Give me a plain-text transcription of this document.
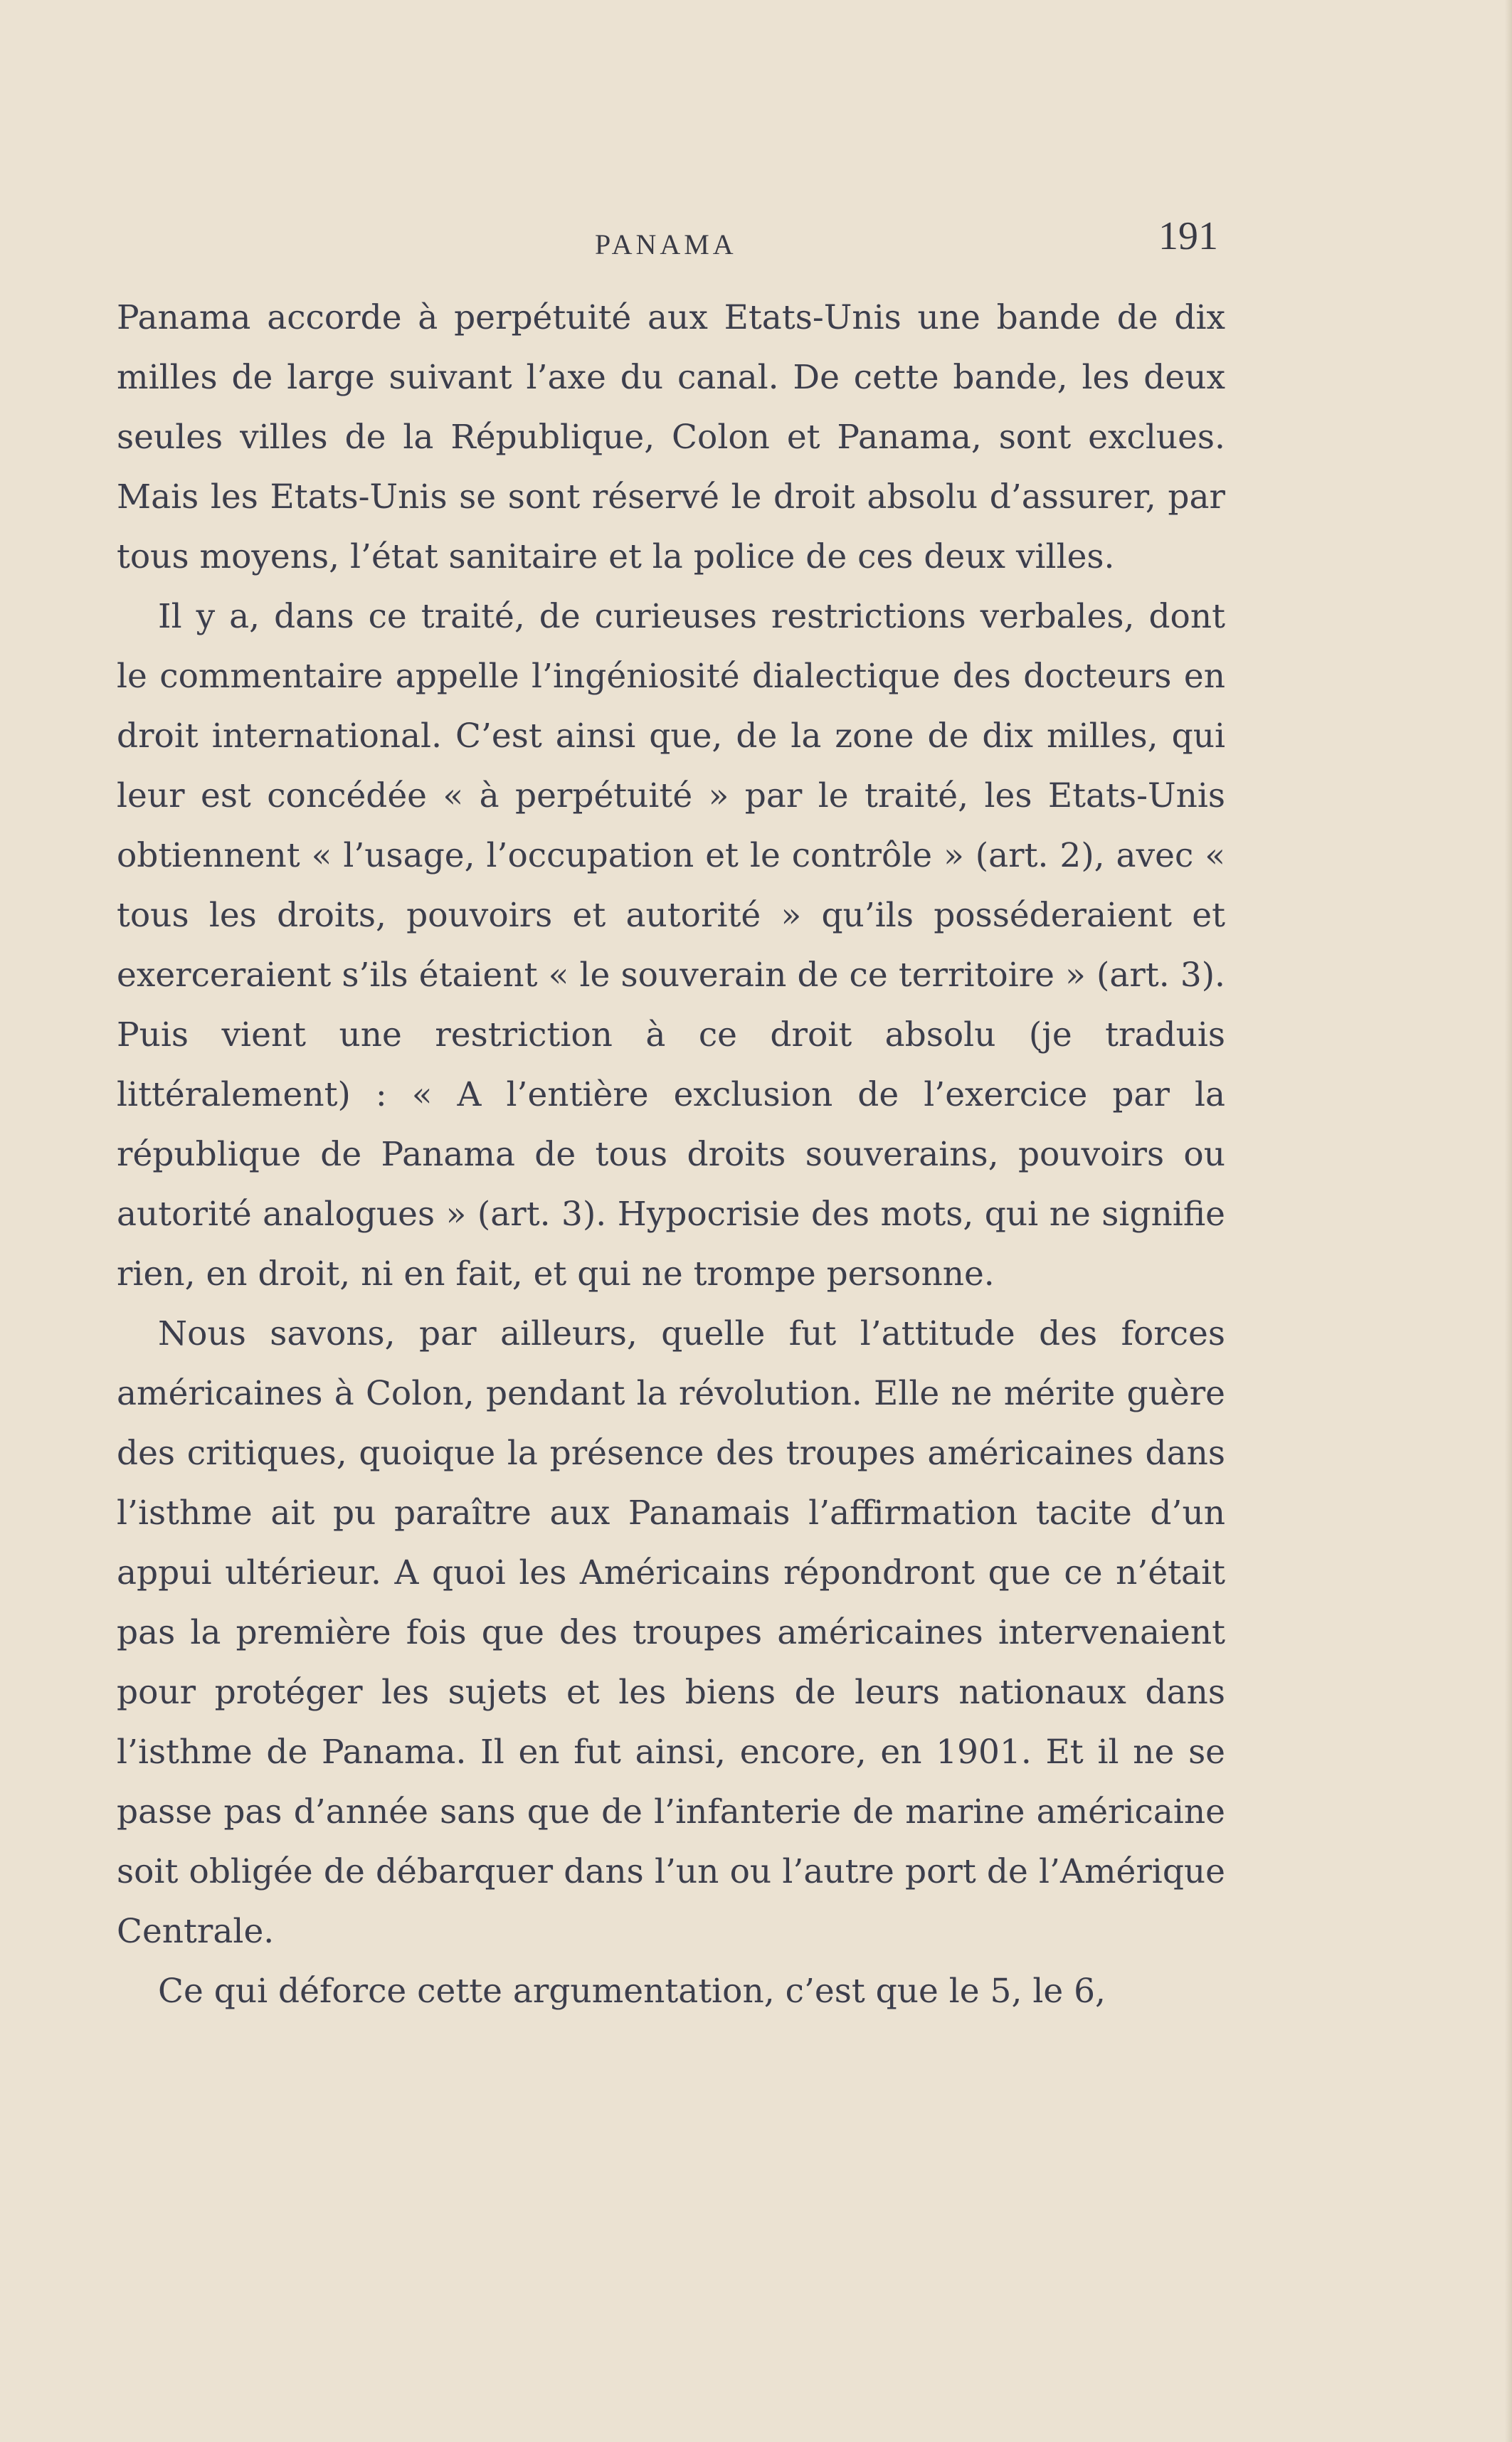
PANAMA	191

Panama accorde à perpétuité aux Etats-Unis une bande de dix milles de large suivant l’axe du canal. De cette bande, les deux seules villes de la République, Colon et Panama, sont exclues. Mais les Etats-Unis se sont réservé le droit absolu d’assurer, par tous moyens, l’état sanitaire et la police de ces deux villes.

Il y a, dans ce traité, de curieuses restrictions verbales, dont le commentaire appelle l’ingéniosité dialectique des docteurs en droit international. C’est ainsi que, de la zone de dix milles, qui leur est concédée « à perpétuité » par le traité, les Etats-Unis obtiennent « l’usage, l’occupation et le contrôle » (art. 2), avec « tous les droits, pouvoirs et autorité » qu’ils posséderaient et exerceraient s’ils étaient « le souverain de ce territoire » (art. 3). Puis vient une restriction à ce droit absolu (je traduis littéralement) : « A l’entière exclusion de l’exercice par la république de Panama de tous droits souverains, pouvoirs ou autorité analogues » (art. 3). Hypocrisie des mots, qui ne signifie rien, en droit, ni en fait, et qui ne trompe personne.

Nous savons, par ailleurs, quelle fut l’attitude des forces américaines à Colon, pendant la révolution. Elle ne mérite guère des critiques, quoique la présence des troupes américaines dans l’isthme ait pu paraître aux Panamais l’affirmation tacite d’un appui ultérieur. A quoi les Américains répondront que ce n’était pas la première fois que des troupes américaines intervenaient pour protéger les sujets et les biens de leurs nationaux dans l’isthme de Panama. Il en fut ainsi, encore, en 1901. Et il ne se passe pas d’année sans que de l’infanterie de marine américaine soit obligée de débarquer dans l’un ou l’autre port de l’Amérique Centrale.

Ce qui déforce cette argumentation, c’est que le 5, le 6,
